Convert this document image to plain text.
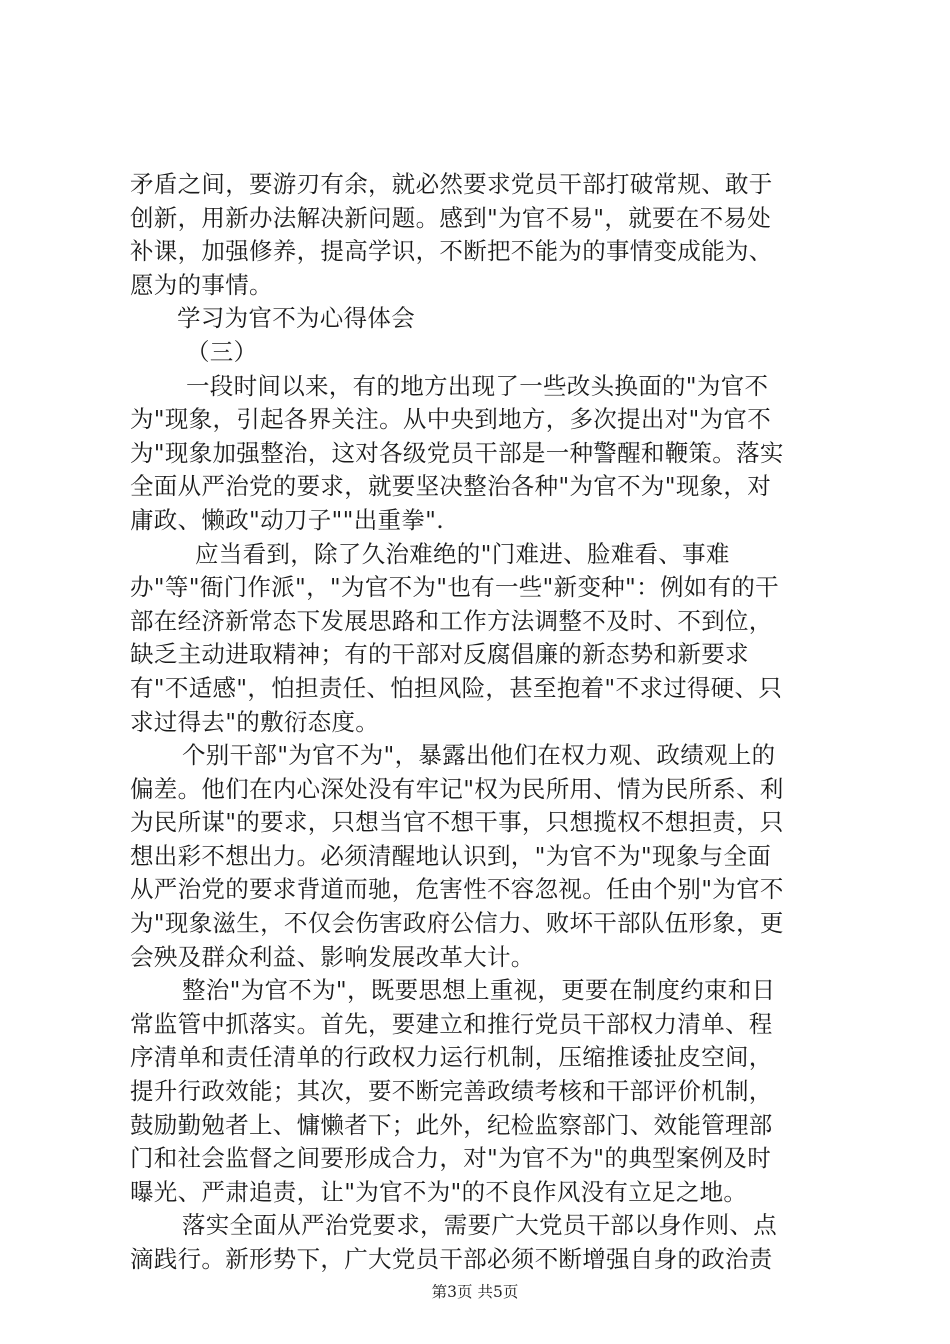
矛盾之间，要游刃有余，就必然要求党员干部打破常规、敢于
创新，用新办法解决新问题。感到"为官不易"，就要在不易处
补课，加强修养，提高学识，不断把不能为的事情变成能为、
愿为的事情。
学习为官不为心得体会
（三）
一段时间以来，有的地方出现了一些改头换面的"为官不
为"现象，引起各界关注。从中央到地方，多次提出对"为官不
为"现象加强整治，这对各级党员干部是一种警醒和鞭策。落实
全面从严治党的要求，就要坚决整治各种"为官不为"现象，对
庸政、懒政"动刀子""出重拳".
应当看到，除了久治难绝的"门难进、脸难看、事难
办"等"衙门作派"，"为官不为"也有一些"新变种"：例如有的干
部在经济新常态下发展思路和工作方法调整不及时、不到位，
缺乏主动进取精神；有的干部对反腐倡廉的新态势和新要求
有"不适感"，怕担责任、怕担风险，甚至抱着"不求过得硬、只
求过得去"的敷衍态度。
个别干部"为官不为"，暴露出他们在权力观、政绩观上的
偏差。他们在内心深处没有牢记"权为民所用、情为民所系、利
为民所谋"的要求，只想当官不想干事，只想揽权不想担责，只
想出彩不想出力。必须清醒地认识到，"为官不为"现象与全面
从严治党的要求背道而驰，危害性不容忽视。任由个别"为官不
为"现象滋生，不仅会伤害政府公信力、败坏干部队伍形象，更
会殃及群众利益、影响发展改革大计。
整治"为官不为"，既要思想上重视，更要在制度约束和日
常监管中抓落实。首先，要建立和推行党员干部权力清单、程
序清单和责任清单的行政权力运行机制，压缩推诿扯皮空间，
提升行政效能；其次，要不断完善政绩考核和干部评价机制，
鼓励勤勉者上、慵懒者下；此外，纪检监察部门、效能管理部
门和社会监督之间要形成合力，对"为官不为"的典型案例及时
曝光、严肃追责，让"为官不为"的不良作风没有立足之地。
落实全面从严治党要求，需要广大党员干部以身作则、点
滴践行。新形势下，广大党员干部必须不断增强自身的政治责
第3页 共5页
